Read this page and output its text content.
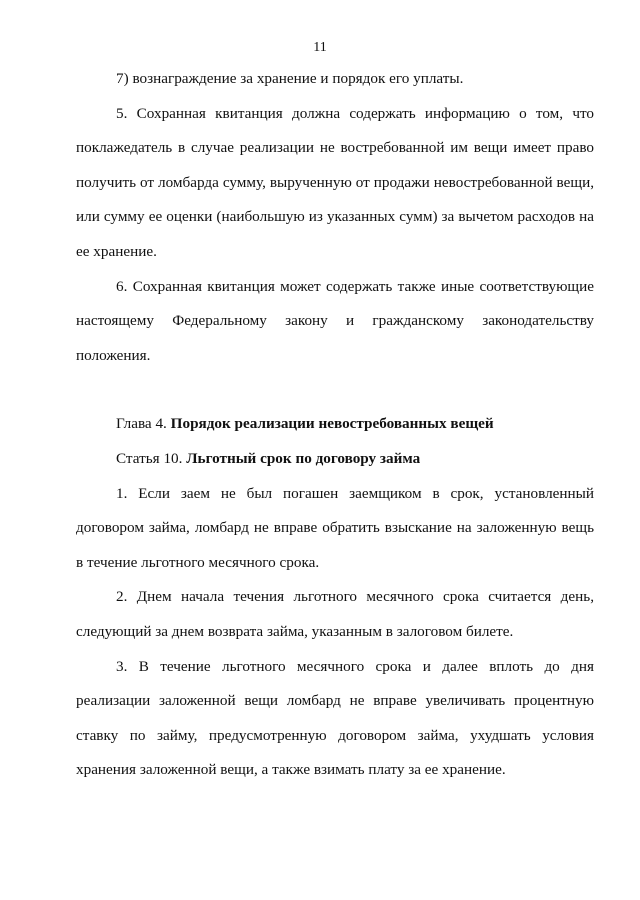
11

7) вознаграждение за хранение и порядок его уплаты.

5. Сохранная квитанция должна содержать информацию о том, что поклажедатель в случае реализации не востребованной им вещи имеет право получить от ломбарда сумму, вырученную от продажи невостребованной вещи, или сумму ее оценки (наибольшую из указанных сумм) за вычетом расходов на ее хранение.

6. Сохранная квитанция может содержать также иные соответствующие настоящему Федеральному закону и гражданскому законодательству положения.

Глава 4. Порядок реализации невостребованных вещей

Статья 10. Льготный срок по договору займа

1. Если заем не был погашен заемщиком в срок, установленный договором займа, ломбард не вправе обратить взыскание на заложенную вещь в течение льготного месячного срока.

2. Днем начала течения льготного месячного срока считается день, следующий за днем возврата займа, указанным в залоговом билете.

3. В течение льготного месячного срока и далее вплоть до дня реализации заложенной вещи ломбард не вправе увеличивать процентную ставку по займу, предусмотренную договором займа, ухудшать условия хранения заложенной вещи, а также взимать плату за ее хранение.
